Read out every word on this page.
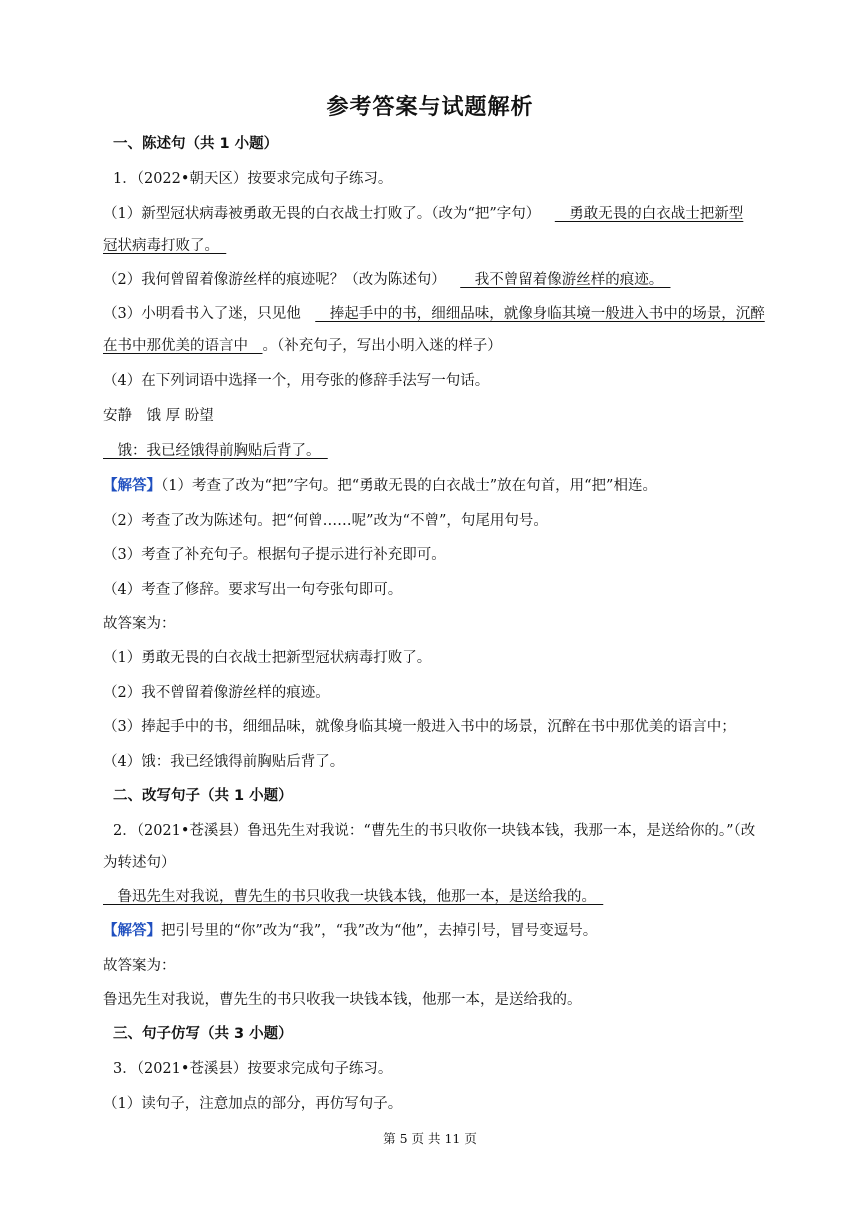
参考答案与试题解析
一、陈述句（共 1 小题）
1．（2022•朝天区）按要求完成句子练习。
（1）新型冠状病毒被勇敢无畏的白衣战士打败了。（改为“把”字句） 　勇敢无畏的白衣战士把新型
冠状病毒打败了。　
（2）我何曾留着像游丝样的痕迹呢？（改为陈述句） 　我不曾留着像游丝样的痕迹。　
（3）小明看书入了迷，只见他 　捧起手中的书，细细品味，就像身临其境一般进入书中的场景，沉醉
在书中那优美的语言中　。（补充句子，写出小明入迷的样子）
（4）在下列词语中选择一个，用夸张的修辞手法写一句话。
安静　饿 厚 盼望
　饿：我已经饿得前胸贴后背了。　
【解答】（1）考查了改为“把”字句。把“勇敢无畏的白衣战士”放在句首，用“把”相连。
（2）考查了改为陈述句。把“何曾……呢”改为“不曾”，句尾用句号。
（3）考查了补充句子。根据句子提示进行补充即可。
（4）考查了修辞。要求写出一句夸张句即可。
故答案为：
（1）勇敢无畏的白衣战士把新型冠状病毒打败了。
（2）我不曾留着像游丝样的痕迹。
（3）捧起手中的书，细细品味，就像身临其境一般进入书中的场景，沉醉在书中那优美的语言中；
（4）饿：我已经饿得前胸贴后背了。
二、改写句子（共 1 小题）
2．（2021•苍溪县）鲁迅先生对我说：“曹先生的书只收你一块钱本钱，我那一本，是送给你的。”（改
为转述句）
　鲁迅先生对我说，曹先生的书只收我一块钱本钱，他那一本，是送给我的。　
【解答】把引号里的“你”改为“我”，“我”改为“他”，去掉引号，冒号变逗号。
故答案为：
鲁迅先生对我说，曹先生的书只收我一块钱本钱，他那一本，是送给我的。
三、句子仿写（共 3 小题）
3．（2021•苍溪县）按要求完成句子练习。
（1）读句子，注意加点的部分，再仿写句子。
第 5 页 共 11 页
